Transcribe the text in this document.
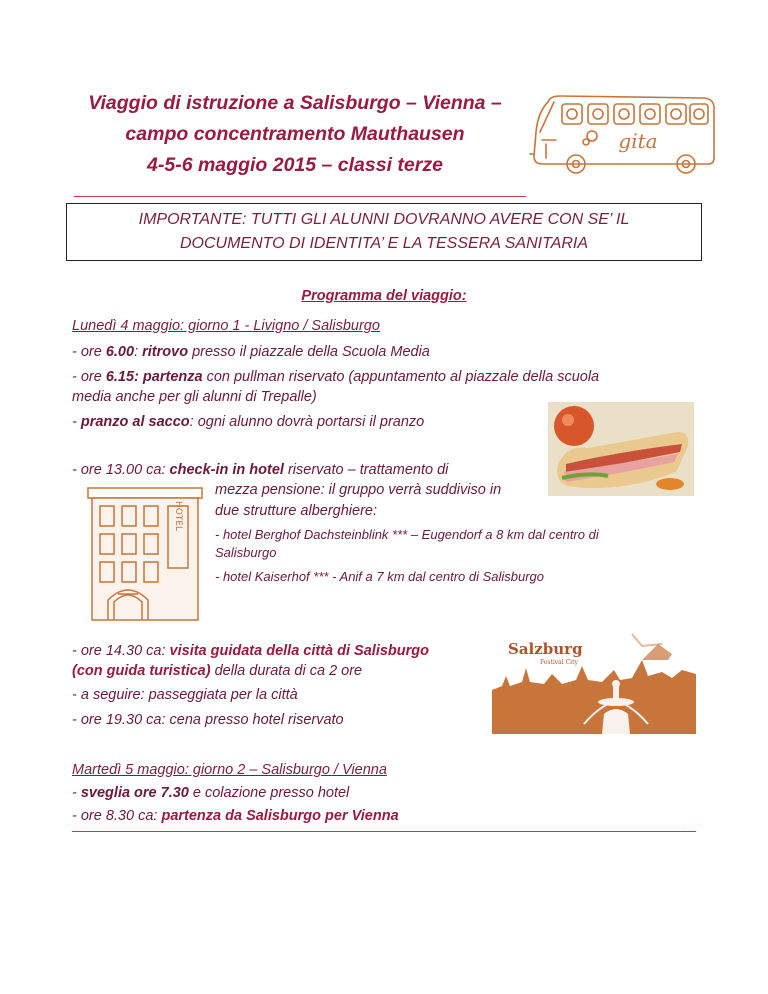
Viaggio di istruzione a Salisburgo – Vienna –
campo concentramento Mauthausen
4-5-6 maggio 2015 – classi terze
gita
IMPORTANTE: TUTTI GLI ALUNNI DOVRANNO AVERE CON SE’ IL
DOCUMENTO DI IDENTITA’ E LA TESSERA SANITARIA
Programma del viaggio:
Lunedì 4 maggio: giorno 1 - Livigno / Salisburgo
- ore 6.00: ritrovo presso il piazzale della Scuola Media
- ore 6.15: partenza con pullman riservato (appuntamento al piazzale della scuola
media anche per gli alunni di Trepalle)
- pranzo al sacco: ogni alunno dovrà portarsi il pranzo
- ore 13.00 ca: check-in in hotel riservato – trattamento di
mezza pensione: il gruppo verrà suddiviso in
due strutture alberghiere:
HOTEL
- hotel Berghof Dachsteinblink *** – Eugendorf a 8 km dal centro di
Salisburgo
- hotel Kaiserhof *** - Anif a 7 km dal centro di Salisburgo
- ore 14.30 ca: visita guidata della città di Salisburgo
(con guida turistica) della durata di ca 2 ore
- a seguire: passeggiata per la città
- ore 19.30 ca: cena presso hotel riservato
Salzburg
Festival City
Martedì 5 maggio: giorno 2 – Salisburgo / Vienna
- sveglia ore 7.30 e colazione presso hotel
- ore 8.30 ca: partenza da Salisburgo per Vienna
